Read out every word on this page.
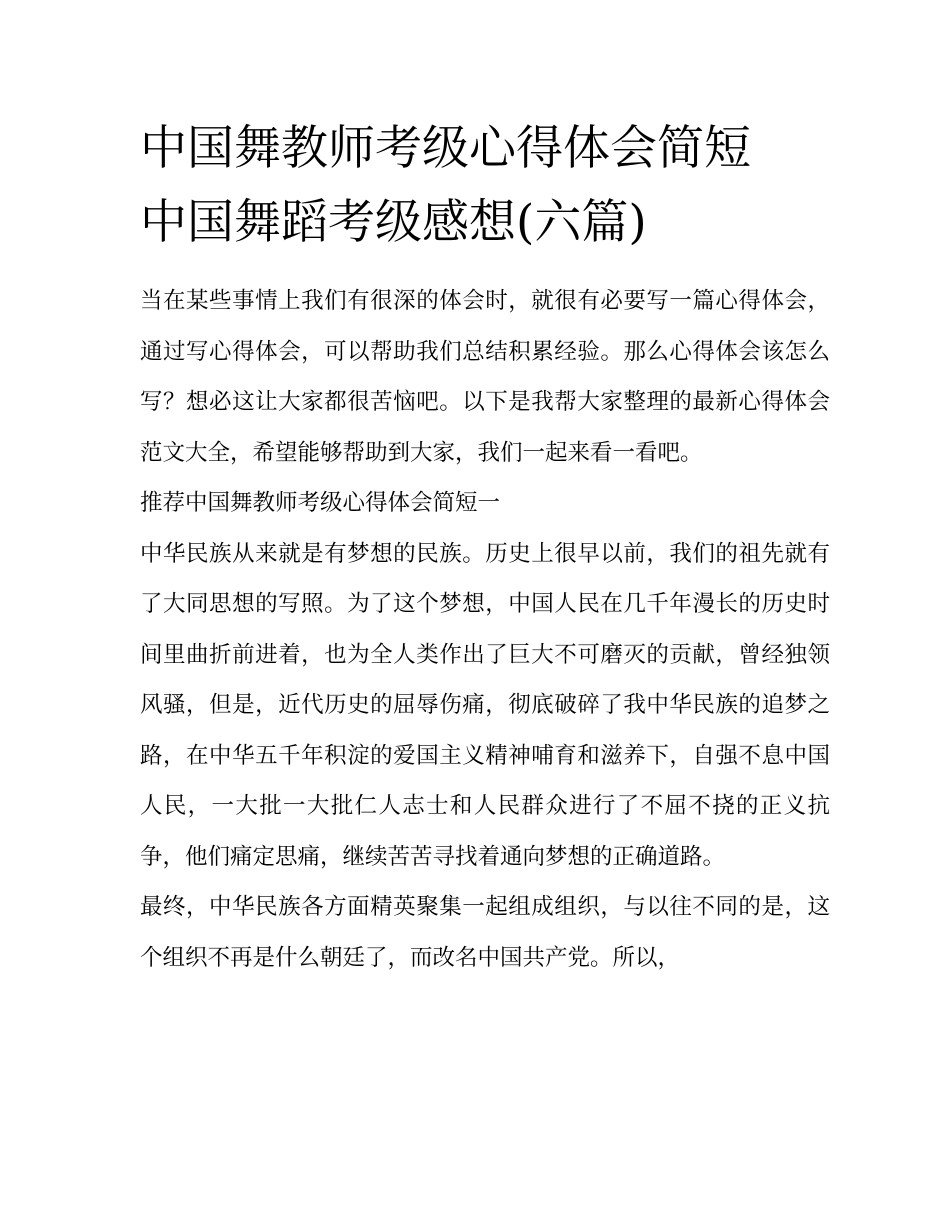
中国舞教师考级心得体会简短
中国舞蹈考级感想(六篇)

当在某些事情上我们有很深的体会时，就很有必要写一篇心得体会，通过写心得体会，可以帮助我们总结积累经验。那么心得体会该怎么写？想必这让大家都很苦恼吧。以下是我帮大家整理的最新心得体会范文大全，希望能够帮助到大家，我们一起来看一看吧。

推荐中国舞教师考级心得体会简短一

中华民族从来就是有梦想的民族。历史上很早以前，我们的祖先就有了大同思想的写照。为了这个梦想，中国人民在几千年漫长的历史时间里曲折前进着，也为全人类作出了巨大不可磨灭的贡献，曾经独领风骚，但是，近代历史的屈辱伤痛，彻底破碎了我中华民族的追梦之路，在中华五千年积淀的爱国主义精神哺育和滋养下，自强不息中国人民，一大批一大批仁人志士和人民群众进行了不屈不挠的正义抗争，他们痛定思痛，继续苦苦寻找着通向梦想的正确道路。

最终，中华民族各方面精英聚集一起组成组织，与以往不同的是，这个组织不再是什么朝廷了，而改名中国共产党。所以，
